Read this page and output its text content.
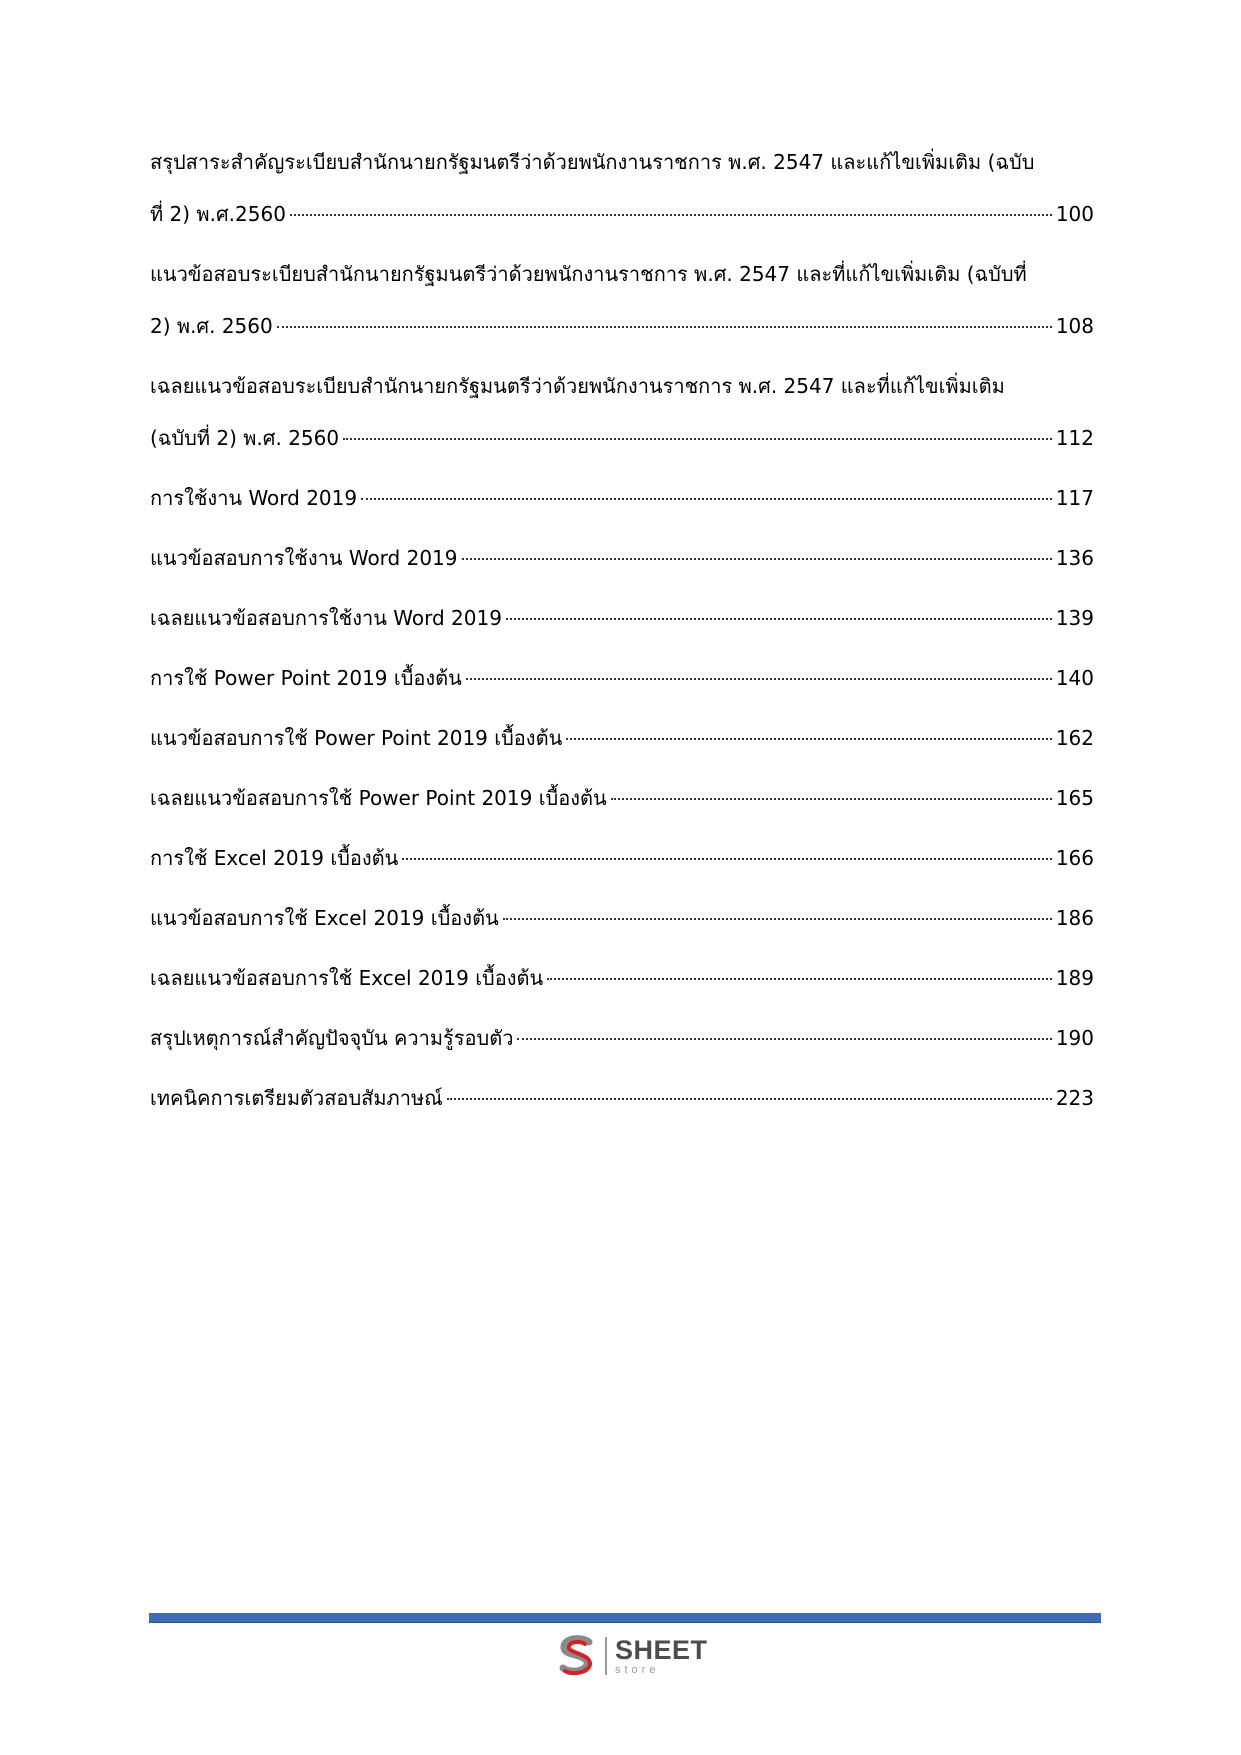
สรุปสาระสำคัญระเบียบสำนักนายกรัฐมนตรีว่าด้วยพนักงานราชการ พ.ศ. 2547 และแก้ไขเพิ่มเติม (ฉบับ
ที่ 2) พ.ศ.2560	100
แนวข้อสอบระเบียบสำนักนายกรัฐมนตรีว่าด้วยพนักงานราชการ พ.ศ. 2547 และที่แก้ไขเพิ่มเติม (ฉบับที่
2) พ.ศ. 2560	108
เฉลยแนวข้อสอบระเบียบสำนักนายกรัฐมนตรีว่าด้วยพนักงานราชการ พ.ศ. 2547 และที่แก้ไขเพิ่มเติม
(ฉบับที่ 2) พ.ศ. 2560	112
การใช้งาน Word 2019	117
แนวข้อสอบการใช้งาน Word 2019	136
เฉลยแนวข้อสอบการใช้งาน Word 2019	139
การใช้ Power Point 2019 เบื้องต้น	140
แนวข้อสอบการใช้ Power Point 2019 เบื้องต้น	162
เฉลยแนวข้อสอบการใช้ Power Point 2019 เบื้องต้น	165
การใช้ Excel 2019 เบื้องต้น	166
แนวข้อสอบการใช้ Excel 2019 เบื้องต้น	186
เฉลยแนวข้อสอบการใช้ Excel 2019 เบื้องต้น	189
สรุปเหตุการณ์สำคัญปัจจุบัน ความรู้รอบตัว	190
เทคนิคการเตรียมตัวสอบสัมภาษณ์	223
SHEET
store
